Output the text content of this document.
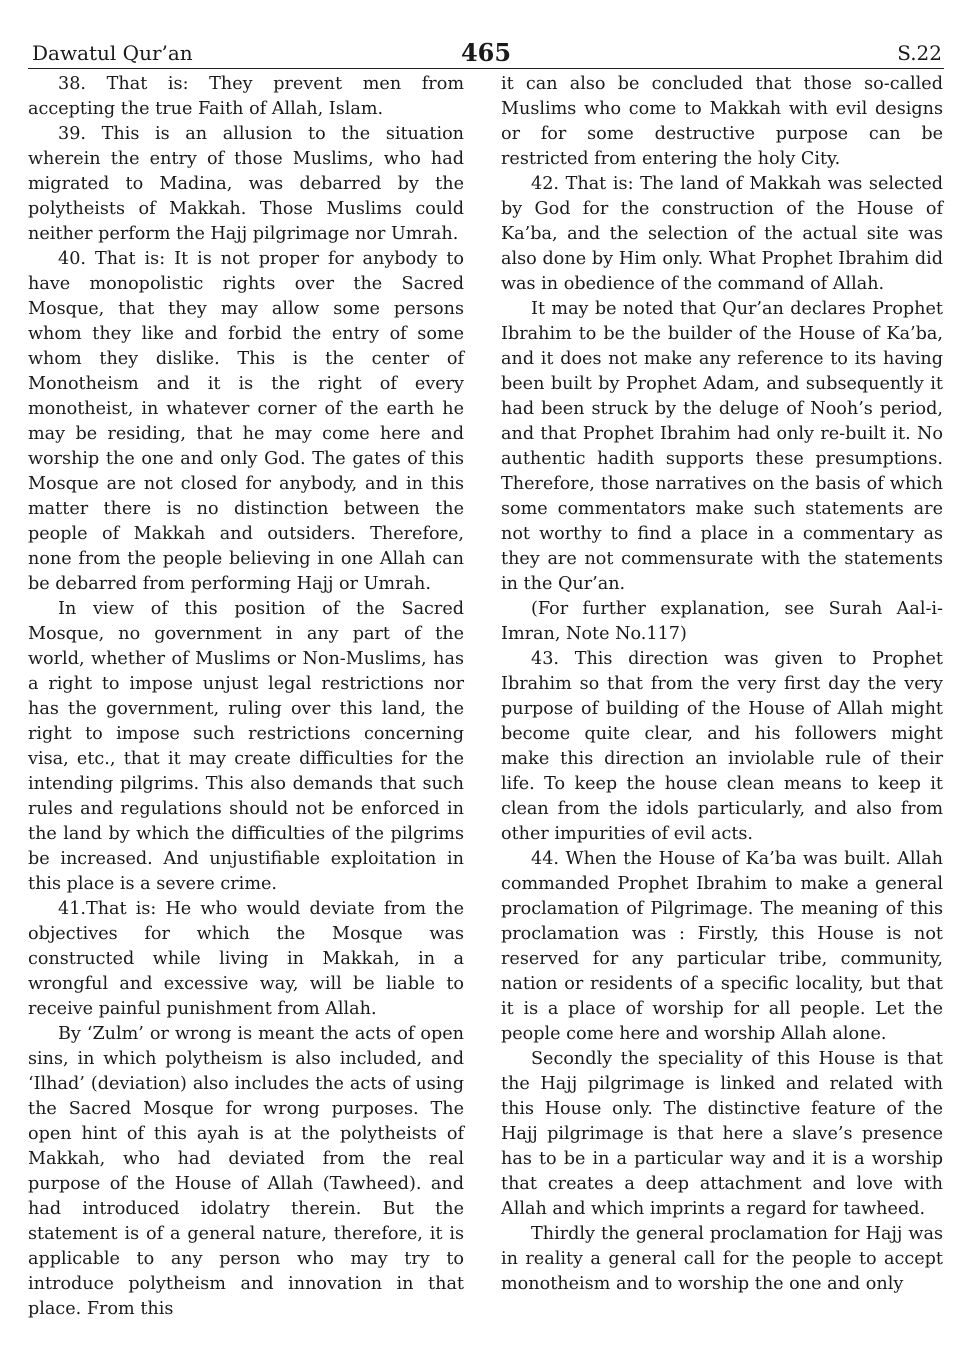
Dawatul Qur’an	465	S.22

38. That is: They prevent men from accepting the true Faith of Allah, Islam.

39. This is an allusion to the situation wherein the entry of those Muslims, who had migrated to Madina, was debarred by the polytheists of Makkah. Those Muslims could neither perform the Hajj pilgrimage nor Umrah.

40. That is: It is not proper for anybody to have monopolistic rights over the Sacred Mosque, that they may allow some persons whom they like and forbid the entry of some whom they dislike. This is the center of Monotheism and it is the right of every monotheist, in whatever corner of the earth he may be residing, that he may come here and worship the one and only God. The gates of this Mosque are not closed for anybody, and in this matter there is no distinction between the people of Makkah and outsiders. Therefore, none from the people believing in one Allah can be debarred from performing Hajj or Umrah.

In view of this position of the Sacred Mosque, no government in any part of the world, whether of Muslims or Non-Muslims, has a right to impose unjust legal restrictions nor has the government, ruling over this land, the right to impose such restrictions concerning visa, etc., that it may create difficulties for the intending pilgrims. This also demands that such rules and regulations should not be enforced in the land by which the difficulties of the pilgrims be increased. And unjustifiable exploitation in this place is a severe crime.

41.That is: He who would deviate from the objectives for which the Mosque was constructed while living in Makkah, in a wrongful and excessive way, will be liable to receive painful punishment from Allah.

By ‘Zulm’ or wrong is meant the acts of open sins, in which polytheism is also included, and ‘Ilhad’ (deviation) also includes the acts of using the Sacred Mosque for wrong purposes. The open hint of this ayah is at the polytheists of Makkah, who had deviated from the real purpose of the House of Allah (Tawheed). and had introduced idolatry therein. But the statement is of a general nature, therefore, it is applicable to any person who may try to introduce polytheism and innovation in that place. From this

it can also be concluded that those so-called Muslims who come to Makkah with evil designs or for some destructive purpose can be restricted from entering the holy City.

42. That is: The land of Makkah was selected by God for the construction of the House of Ka’ba, and the selection of the actual site was also done by Him only. What Prophet Ibrahim did was in obedience of the command of Allah.

It may be noted that Qur’an declares Prophet Ibrahim to be the builder of the House of Ka’ba, and it does not make any reference to its having been built by Prophet Adam, and subsequently it had been struck by the deluge of Nooh’s period, and that Prophet Ibrahim had only re-built it. No authentic hadith supports these presumptions. Therefore, those narratives on the basis of which some commentators make such statements are not worthy to find a place in a commentary as they are not commensurate with the statements in the Qur’an.

(For further explanation, see Surah Aal-i-Imran, Note No.117)

43. This direction was given to Prophet Ibrahim so that from the very first day the very purpose of building of the House of Allah might become quite clear, and his followers might make this direction an inviolable rule of their life. To keep the house clean means to keep it clean from the idols particularly, and also from other impurities of evil acts.

44. When the House of Ka’ba was built. Allah commanded Prophet Ibrahim to make a general proclamation of Pilgrimage. The meaning of this proclamation was : Firstly, this House is not reserved for any particular tribe, community, nation or residents of a specific locality, but that it is a place of worship for all people. Let the people come here and worship Allah alone.

Secondly the speciality of this House is that the Hajj pilgrimage is linked and related with this House only. The distinctive feature of the Hajj pilgrimage is that here a slave’s presence has to be in a particular way and it is a worship that creates a deep attachment and love with Allah and which imprints a regard for tawheed.

Thirdly the general proclamation for Hajj was in reality a general call for the people to accept monotheism and to worship the one and only
